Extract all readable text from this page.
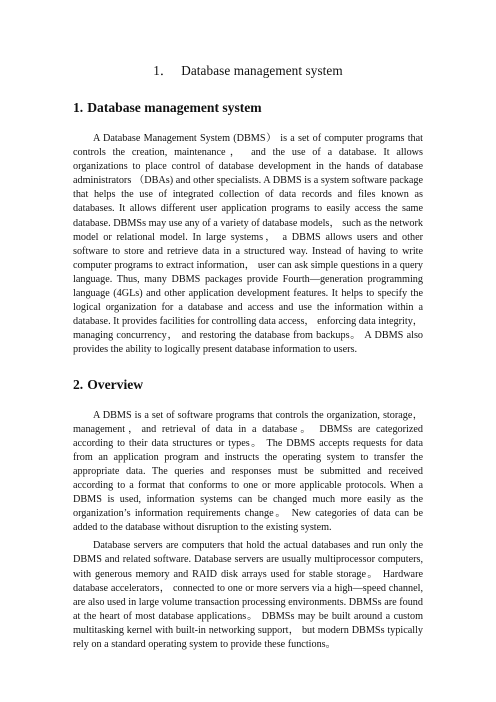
1． Database management system
1. Database management system

A Database Management System (DBMS） is a set of computer programs that controls the creation, maintenance， and the use of a database. It allows organizations to place control of database development in the hands of database administrators （DBAs) and other specialists. A DBMS is a system software package that helps the use of integrated collection of data records and files known as databases. It allows different user application programs to easily access the same database. DBMSs may use any of a variety of database models， such as the network model or relational model. In large systems， a DBMS allows users and other software to store and retrieve data in a structured way. Instead of having to write computer programs to extract information， user can ask simple questions in a query language. Thus, many DBMS packages provide Fourth—generation programming language (4GLs) and other application development features. It helps to specify the logical organization for a database and access and use the information within a database. It provides facilities for controlling data access， enforcing data integrity， managing concurrency， and restoring the database from backups。 A DBMS also provides the ability to logically present database information to users.

2. Overview

A DBMS is a set of software programs that controls the organization, storage，management，and retrieval of data in a database。 DBMSs are categorized according to their data structures or types。 The DBMS accepts requests for data from an application program and instructs the operating system to transfer the appropriate data. The queries and responses must be submitted and received according to a format that conforms to one or more applicable protocols. When a DBMS is used, information systems can be changed much more easily as the organization’s information requirements change。 New categories of data can be added to the database without disruption to the existing system.

Database servers are computers that hold the actual databases and run only the DBMS and related software. Database servers are usually multiprocessor computers, with generous memory and RAID disk arrays used for stable storage。 Hardware database accelerators， connected to one or more servers via a high—speed channel, are also used in large volume transaction processing environments. DBMSs are found at the heart of most database applications。 DBMSs may be built around a custom multitasking kernel with built-in networking support， but modern DBMSs typically rely on a standard operating system to provide these functions。
